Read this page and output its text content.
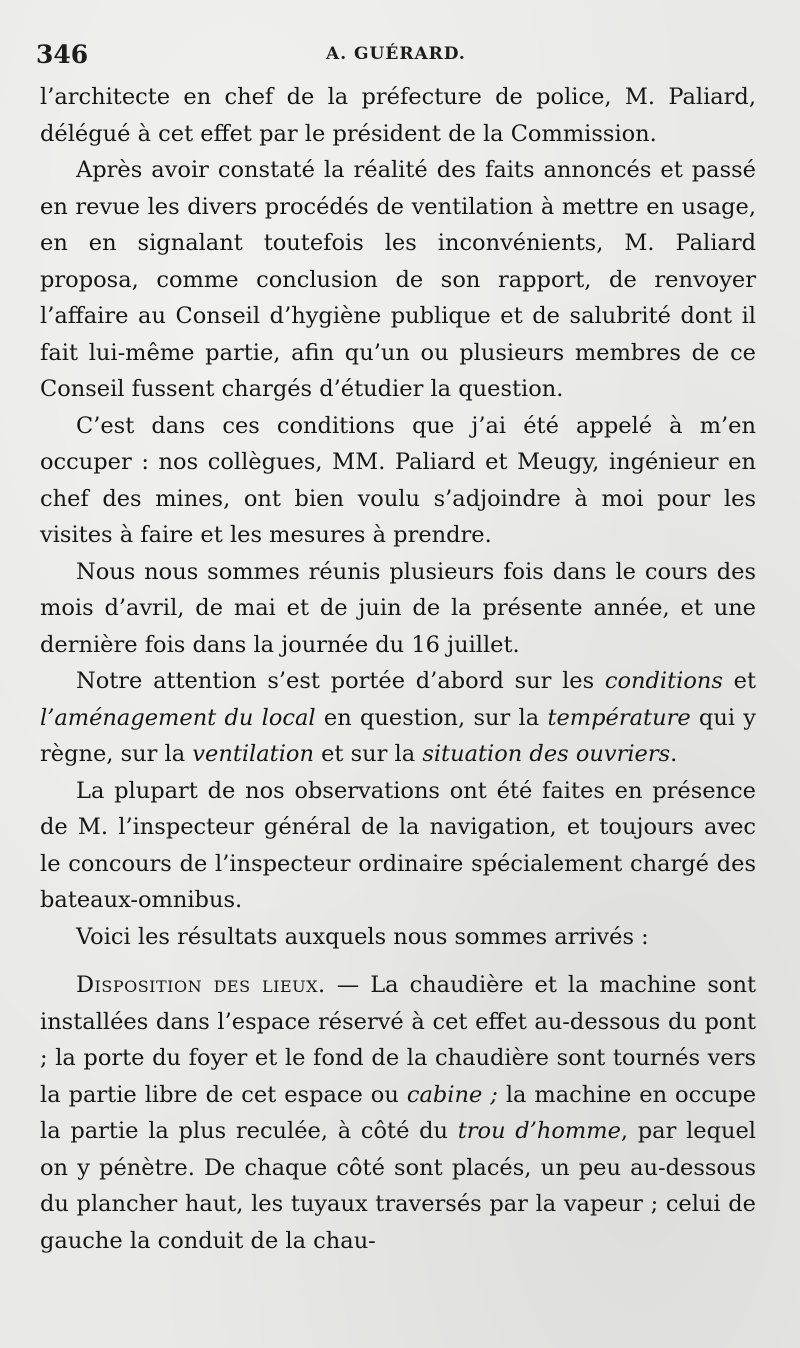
346	A. GUÉRARD.

l’architecte en chef de la préfecture de police, M. Paliard, délégué à cet effet par le président de la Commission.

Après avoir constaté la réalité des faits annoncés et passé en revue les divers procédés de ventilation à mettre en usage, en en signalant toutefois les inconvénients, M. Paliard proposa, comme conclusion de son rapport, de renvoyer l’affaire au Conseil d’hygiène publique et de salubrité dont il fait lui-même partie, afin qu’un ou plusieurs membres de ce Conseil fussent chargés d’étudier la question.

C’est dans ces conditions que j’ai été appelé à m’en occuper : nos collègues, MM. Paliard et Meugy, ingénieur en chef des mines, ont bien voulu s’adjoindre à moi pour les visites à faire et les mesures à prendre.

Nous nous sommes réunis plusieurs fois dans le cours des mois d’avril, de mai et de juin de la présente année, et une dernière fois dans la journée du 16 juillet.

Notre attention s’est portée d’abord sur les conditions et l’aménagement du local en question, sur la température qui y règne, sur la ventilation et sur la situation des ouvriers.

La plupart de nos observations ont été faites en présence de M. l’inspecteur général de la navigation, et toujours avec le concours de l’inspecteur ordinaire spécialement chargé des bateaux-omnibus.

Voici les résultats auxquels nous sommes arrivés :

Disposition des lieux. — La chaudière et la machine sont installées dans l’espace réservé à cet effet au-dessous du pont ; la porte du foyer et le fond de la chaudière sont tournés vers la partie libre de cet espace ou cabine ; la machine en occupe la partie la plus reculée, à côté du trou d’homme, par lequel on y pénètre. De chaque côté sont placés, un peu au-dessous du plancher haut, les tuyaux traversés par la vapeur ; celui de gauche la conduit de la chau-
